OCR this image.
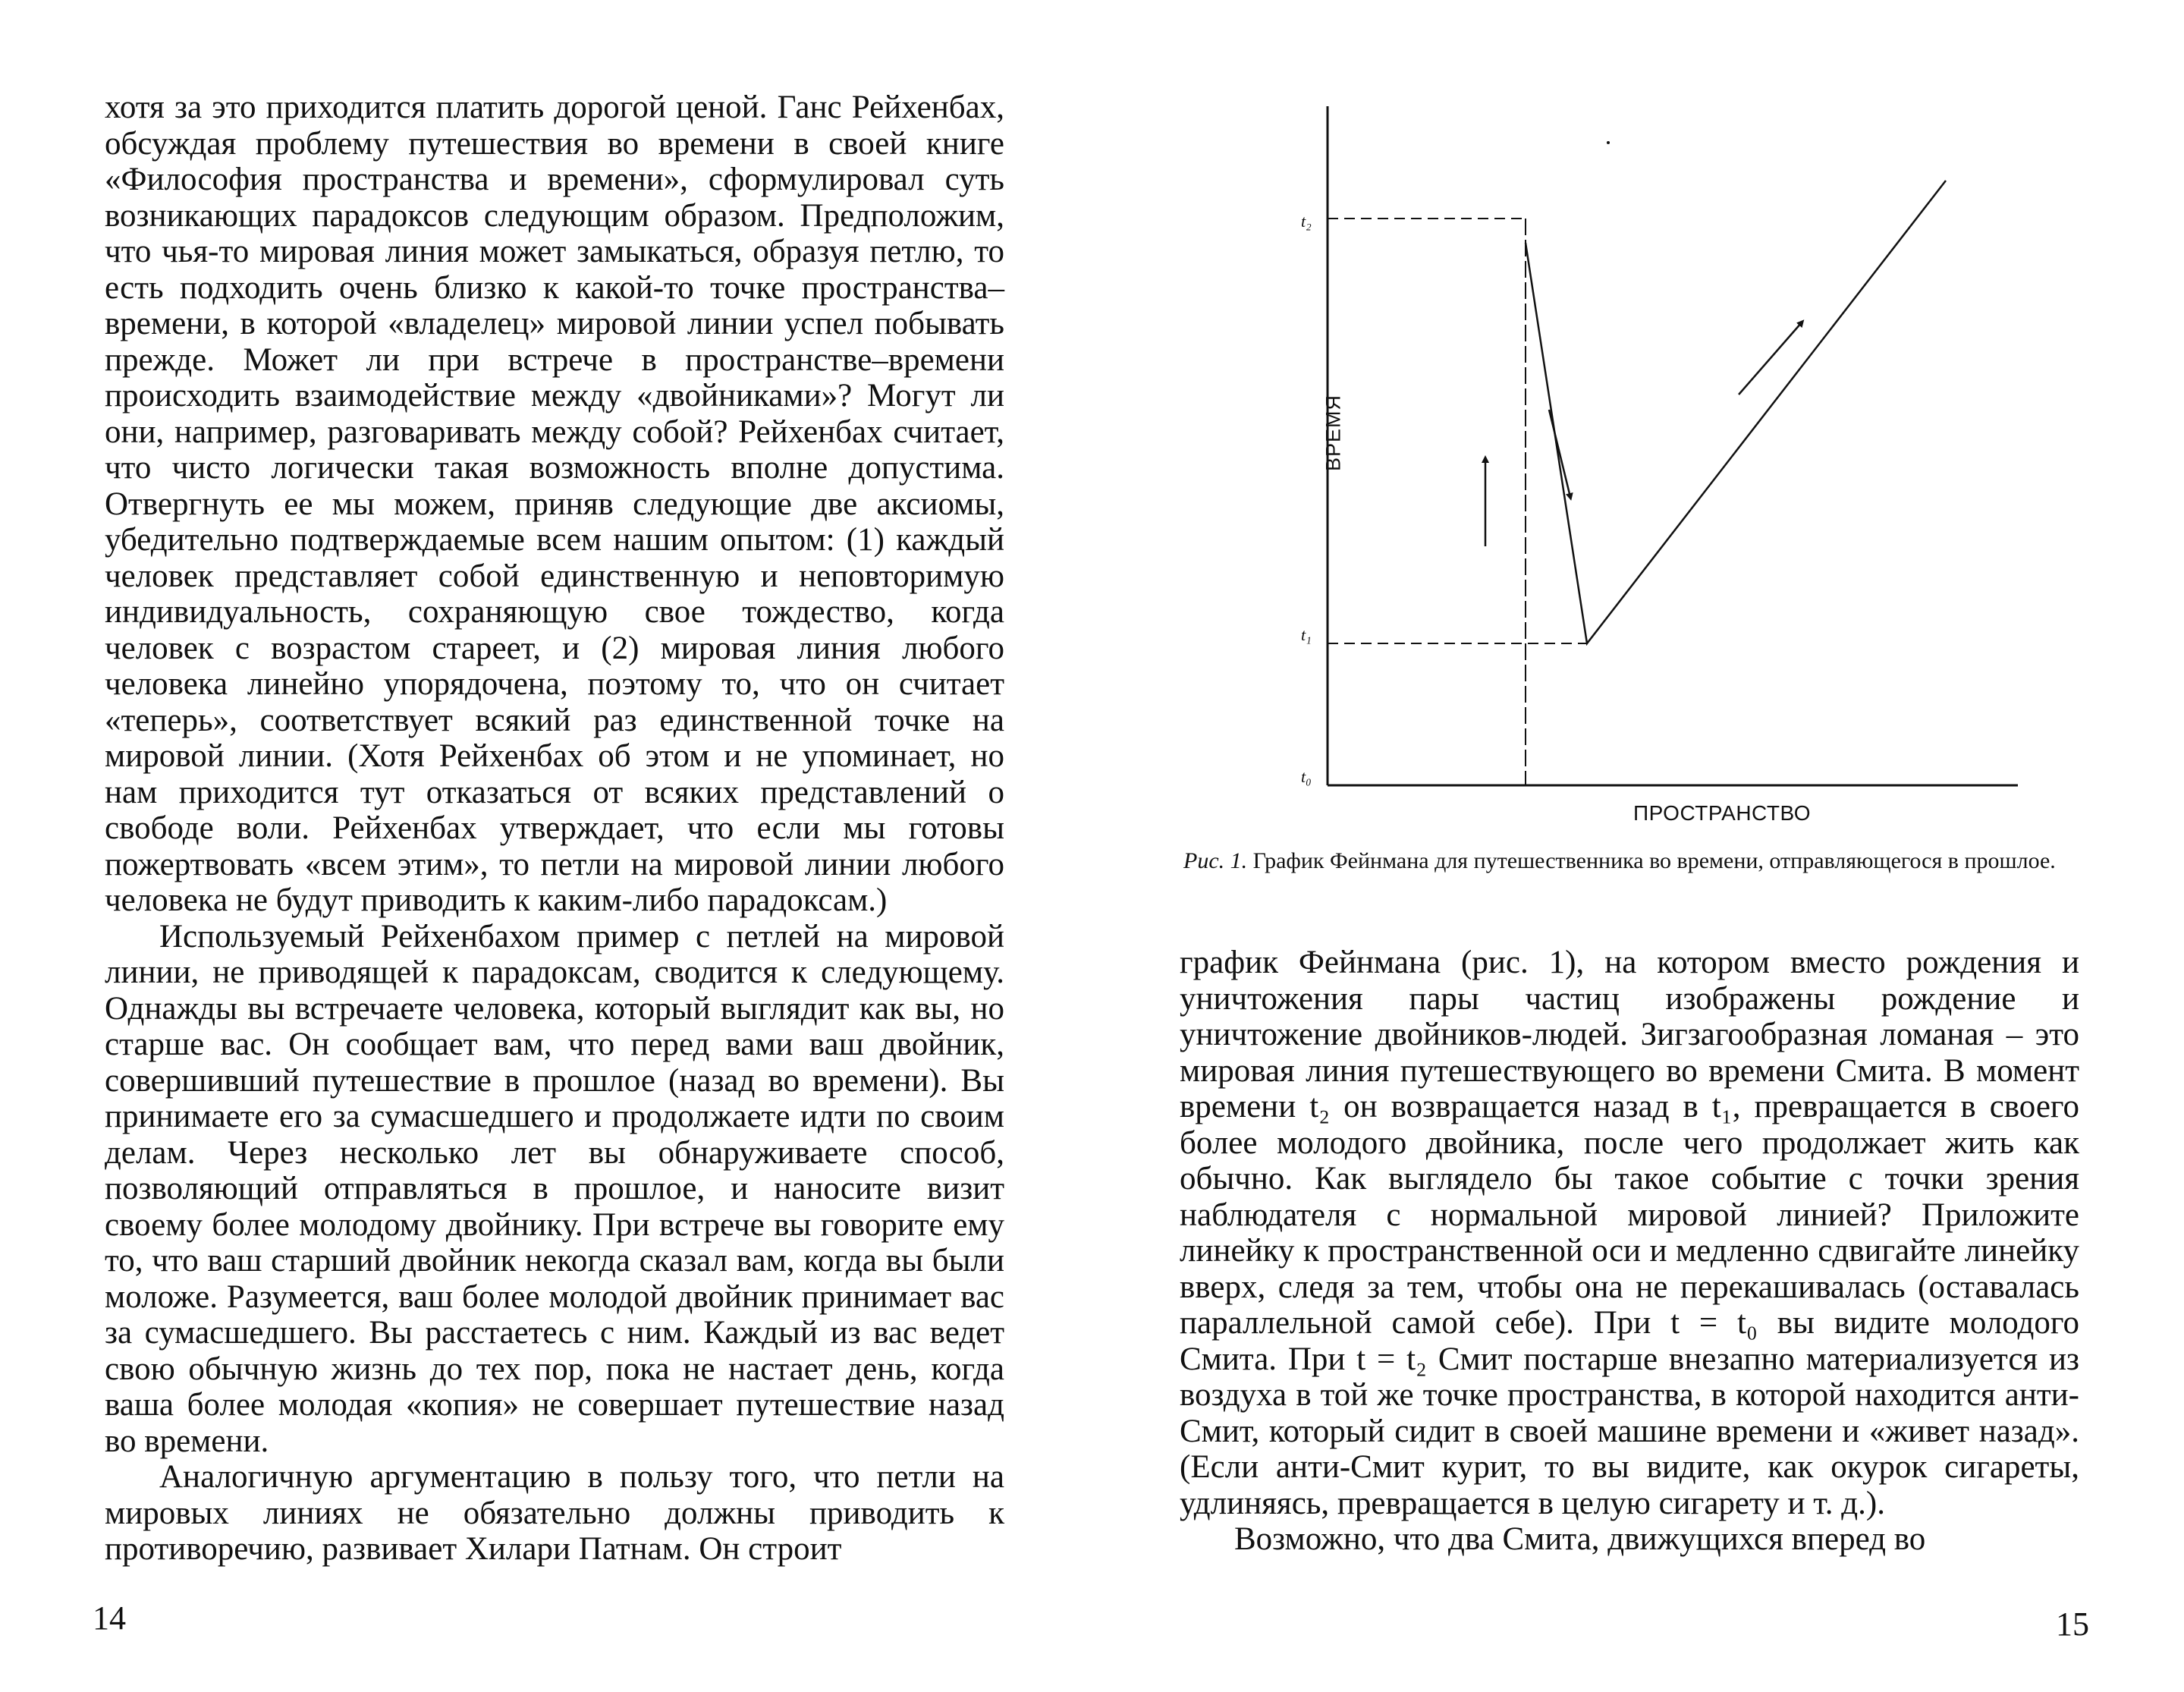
хотя за это приходится платить дорогой ценой. Ганс Рейхенбах, обсуждая проблему путешествия во времени в своей книге «Философия пространства и времени», сформулировал суть возникающих парадоксов следующим образом. Предположим, что чья-то мировая линия может замыкаться, образуя петлю, то есть подходить очень близко к какой-то точке пространства–времени, в которой «владелец» мировой линии успел побывать прежде. Может ли при встрече в пространстве–времени происходить взаимодействие между «двойниками»? Могут ли они, например, разговаривать между собой? Рейхенбах считает, что чисто логически такая возможность вполне допустима. Отвергнуть ее мы можем, приняв следующие две аксиомы, убедительно подтверждаемые всем нашим опытом: (1) каждый человек представляет собой единственную и неповторимую индивидуальность, сохраняющую свое тождество, когда человек с возрастом стареет, и (2) мировая линия любого человека линейно упорядочена, поэтому то, что он считает «теперь», соответствует всякий раз единственной точке на мировой линии. (Хотя Рейхенбах об этом и не упоминает, но нам приходится тут отказаться от всяких представлений о свободе воли. Рейхенбах утверждает, что если мы готовы пожертвовать «всем этим», то петли на мировой линии любого человека не будут приводить к каким-либо парадоксам.)

Используемый Рейхенбахом пример с петлей на мировой линии, не приводящей к парадоксам, сводится к следующему. Однажды вы встречаете человека, который выглядит как вы, но старше вас. Он сообщает вам, что перед вами ваш двойник, совершивший путешествие в прошлое (назад во времени). Вы принимаете его за сумасшедшего и продолжаете идти по своим делам. Через несколько лет вы обнаруживаете способ, позволяющий отправляться в прошлое, и наносите визит своему более молодому двойнику. При встрече вы говорите ему то, что ваш старший двойник некогда сказал вам, когда вы были моложе. Разумеется, ваш более молодой двойник принимает вас за сумасшедшего. Вы расстаетесь с ним. Каждый из вас ведет свою обычную жизнь до тех пор, пока не настает день, когда ваша более молодая «копия» не совершает путешествие назад во времени.

Аналогичную аргументацию в пользу того, что петли на мировых линиях не обязательно должны приводить к противоречию, развивает Хилари Патнам. Он строит

14

график Фейнмана (рис. 1), на котором вместо рождения и уничтожения пары частиц изображены рождение и уничтожение двойников-людей. Зигзагообразная ломаная – это мировая линия путешествующего во времени Смита. В момент времени t₂ он возвращается назад в t₁, превращается в своего более молодого двойника, после чего продолжает жить как обычно. Как выглядело бы такое событие с точки зрения наблюдателя с нормальной мировой линией? Приложите линейку к пространственной оси и медленно сдвигайте линейку вверх, следя за тем, чтобы она не перекашивалась (оставалась параллельной самой себе). При t = t₀ вы видите молодого Смита. При t = t₂ Смит постарше внезапно материализуется из воздуха в той же точке пространства, в которой находится анти-Смит, который сидит в своей машине времени и «живет назад». (Если анти-Смит курит, то вы видите, как окурок сигареты, удлиняясь, превращается в целую сигарету и т. д.).

Возможно, что два Смита, движущихся вперед во

15
t₂
t₁
t₀
ВРЕМЯ
ПРОСТРАНСТВО
Рис. 1. График Фейнмана для путешественника во времени, отправляющегося в прошлое.
